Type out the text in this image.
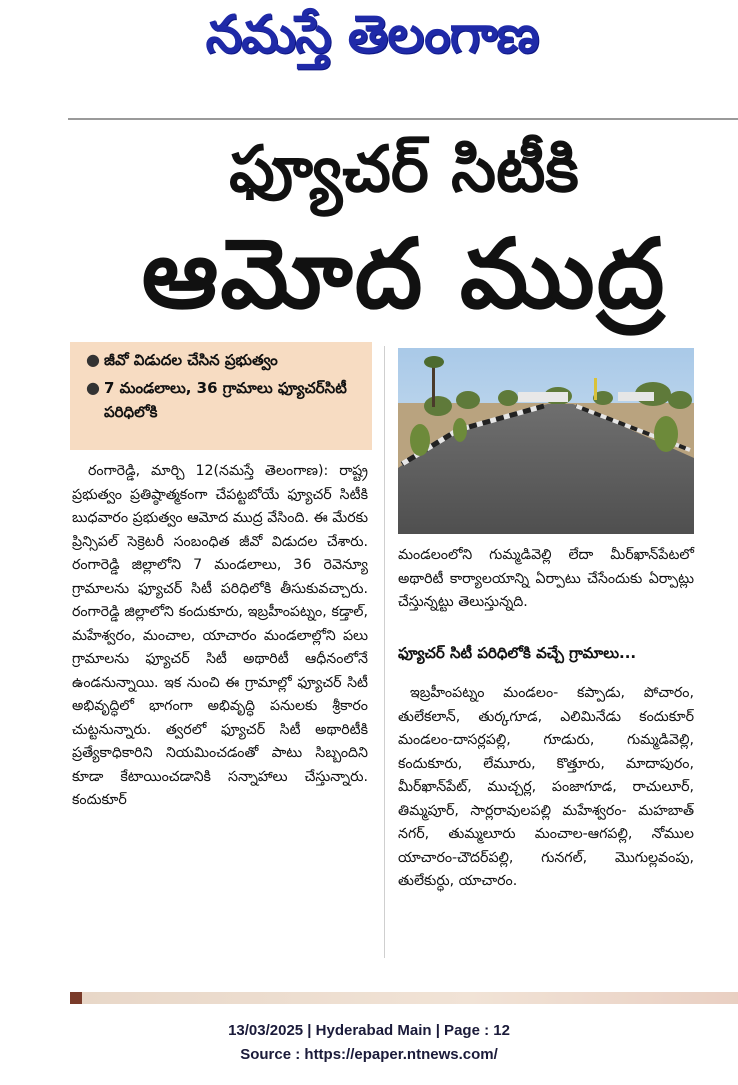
నమస్తే తెలంగాణ
ఫ్యూచర్ సిటీకి
ఆమోద ముద్ర
● జీవో విడుదల చేసిన ప్రభుత్వం
● 7 మండలాలు, 36 గ్రామాలు ఫ్యూచర్‌సిటీ పరిధిలోకి
రంగారెడ్డి, మార్చి 12(నమస్తే తెలంగాణ): రాష్ట్ర ప్రభుత్వం ప్రతిష్ఠాత్మకంగా చేపట్టబోయే ఫ్యూచర్ సిటీకి బుధవారం ప్రభుత్వం ఆమోద ముద్ర వేసింది. ఈ మేరకు ప్రిన్సిపల్ సెక్రెటరీ సంబంధిత జీవో విడుదల చేశారు. రంగారెడ్డి జిల్లాలోని 7 మండలాలు, 36 రెవెన్యూ గ్రామాలను ఫ్యూచర్ సిటీ పరిధిలోకి తీసుకువచ్చారు. రంగారెడ్డి జిల్లాలోని కందుకూరు, ఇబ్రహీంపట్నం, కడ్తాల్, మహేశ్వరం, మంచాల, యాచారం మండలాల్లోని పలు గ్రామాలను ఫ్యూచర్ సిటీ అథారిటీ ఆధీనంలోనే ఉండనున్నాయి. ఇక నుంచి ఈ గ్రామాల్లో ఫ్యూచర్ సిటీ అభివృద్ధిలో భాగంగా అభివృద్ధి పనులకు శ్రీకారం చుట్టనున్నారు. త్వరలో ఫ్యూచర్ సిటీ అథారిటీకి ప్రత్యేకాధికారిని నియమించడంతో పాటు సిబ్బందిని కూడా కేటాయించడానికి సన్నాహాలు చేస్తున్నారు. కందుకూర్
మండలంలోని గుమ్మడివెల్లి లేదా మీర్‌ఖాన్‌పేటలో అథారిటీ కార్యాలయాన్ని ఏర్పాటు చేసేందుకు ఏర్పాట్లు చేస్తున్నట్టు తెలుస్తున్నది.
ఫ్యూచర్ సిటీ పరిధిలోకి వచ్చే గ్రామాలు...
ఇబ్రహీంపట్నం మండలం- కప్పాడు, పోచారం, తులేకలాన్, తుర్కగూడ, ఎలిమినేడు కందుకూర్ మండలం-దాసర్లపల్లి, గూడురు, గుమ్మడివెల్లి, కందుకూరు, లేమూరు, కొత్తూరు, మాదాపురం, మీర్‌ఖాన్‌పేట్, ముచ్చర్ల, పంజాగూడ, రాచులూర్, తిమ్మపూర్, సార్లరావులపల్లి మహేశ్వరం- మహబాత్ నగర్, తుమ్మలూరు మంచాల-ఆగపల్లి, నోముల యాచారం-చౌదర్‌పల్లి, గునగల్, మొగుల్లవంపు, తులేకుర్ధు, యాచారం.
13/03/2025 | Hyderabad Main | Page : 12
Source : https://epaper.ntnews.com/
